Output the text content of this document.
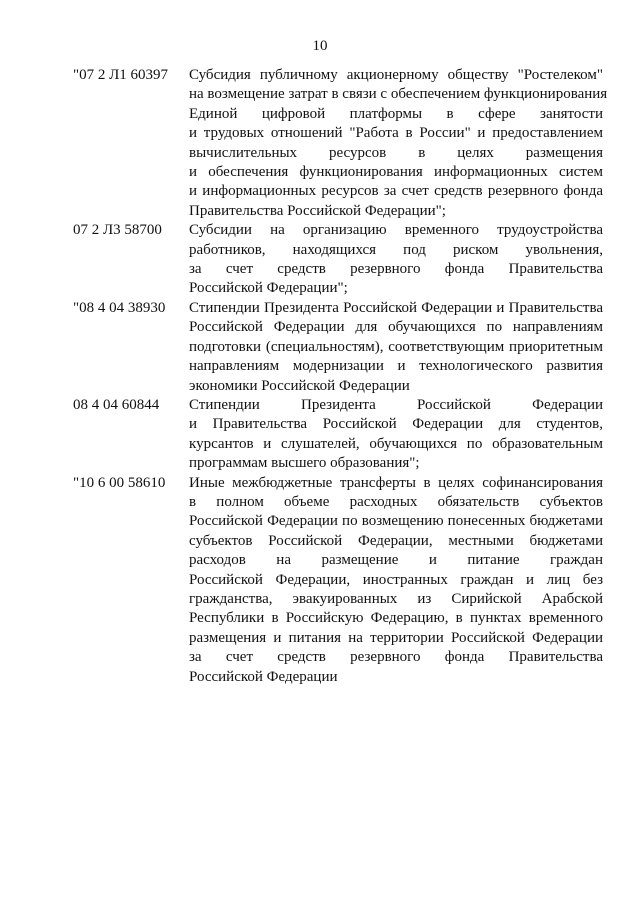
10
"07 2 Л1 60397	Субсидия публичному акционерному обществу "Ростелеком"
на возмещение затрат в связи с обеспечением функционирования
Единой цифровой платформы в сфере занятости
и трудовых отношений "Работа в России" и предоставлением
вычислительных ресурсов в целях размещения
и обеспечения функционирования информационных систем
и информационных ресурсов за счет средств резервного фонда
Правительства Российской Федерации";
07 2 Л3 58700	Субсидии на организацию временного трудоустройства
работников, находящихся под риском увольнения,
за счет средств резервного фонда Правительства
Российской Федерации";
"08 4 04 38930	Стипендии Президента Российской Федерации и Правительства
Российской Федерации для обучающихся по направлениям
подготовки (специальностям), соответствующим приоритетным
направлениям модернизации и технологического развития
экономики Российской Федерации
08 4 04 60844	Стипендии Президента Российской Федерации
и Правительства Российской Федерации для студентов,
курсантов и слушателей, обучающихся по образовательным
программам высшего образования";
"10 6 00 58610	Иные межбюджетные трансферты в целях софинансирования
в полном объеме расходных обязательств субъектов
Российской Федерации по возмещению понесенных бюджетами
субъектов Российской Федерации, местными бюджетами
расходов на размещение и питание граждан
Российской Федерации, иностранных граждан и лиц без
гражданства, эвакуированных из Сирийской Арабской
Республики в Российскую Федерацию, в пунктах временного
размещения и питания на территории Российской Федерации
за счет средств резервного фонда Правительства
Российской Федерации
